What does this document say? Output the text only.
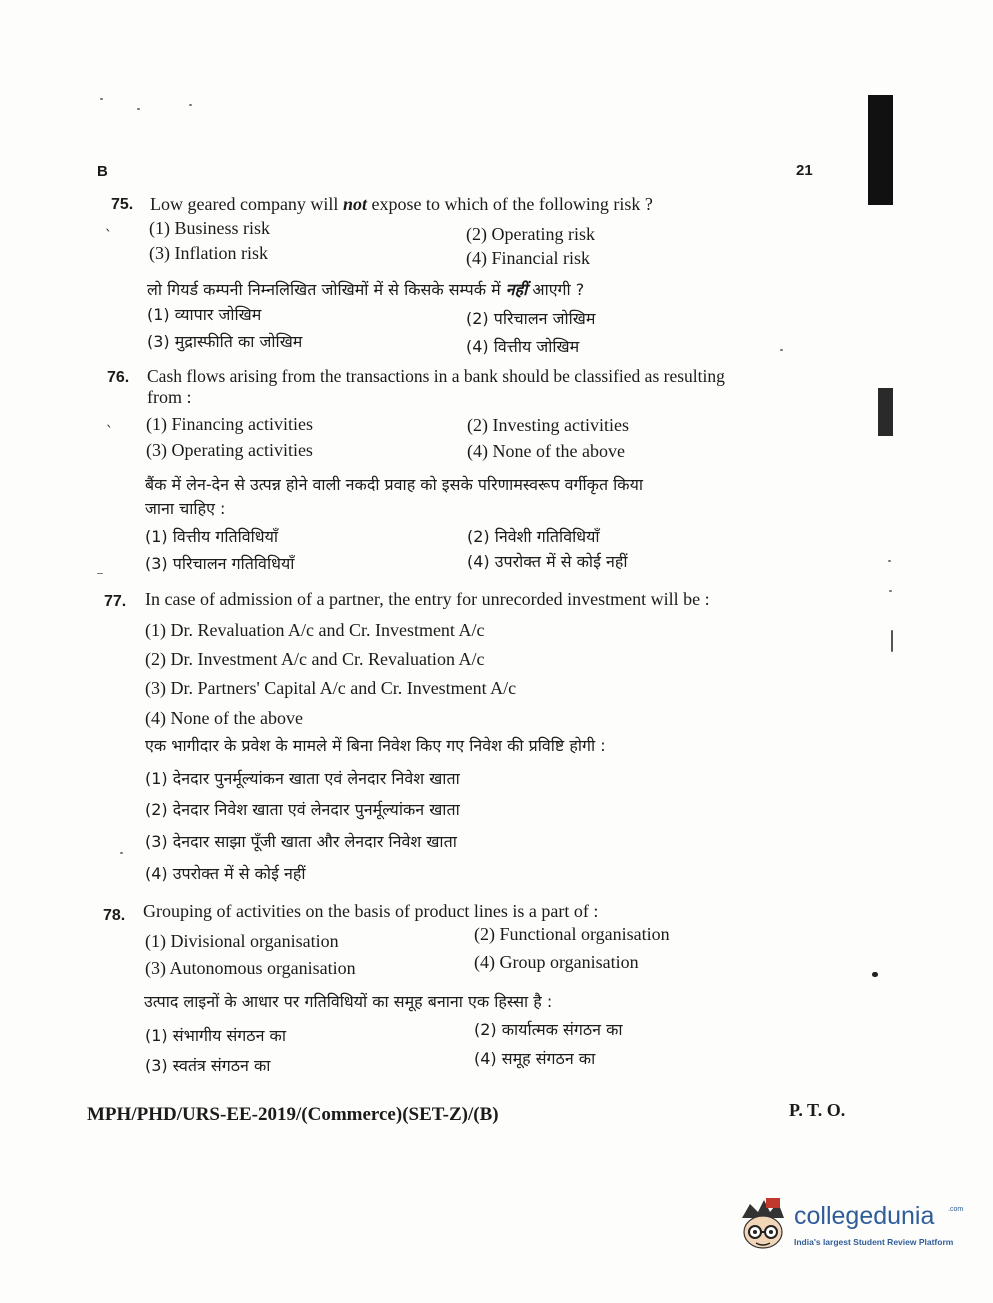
B	21
75. Low geared company will not expose to which of the following risk ?
՝ (1) Business risk	(2) Operating risk
(3) Inflation risk	(4) Financial risk
लो गियर्ड कम्पनी निम्नलिखित जोखिमों में से किसके सम्पर्क में नहीं आएगी ?
(1) व्यापार जोखिम	(2) परिचालन जोखिम
(3) मुद्रास्फीति का जोखिम	(4) वित्तीय जोखिम
76. Cash flows arising from the transactions in a bank should be classified as resulting
from :
՝ (1) Financing activities	(2) Investing activities
(3) Operating activities	(4) None of the above
बैंक में लेन-देन से उत्पन्न होने वाली नकदी प्रवाह को इसके परिणामस्वरूप वर्गीकृत किया
जाना चाहिए :
(1) वित्तीय गतिविधियाँ	(2) निवेशी गतिविधियाँ
(3) परिचालन गतिविधियाँ	(4) उपरोक्त में से कोई नहीं
77. In case of admission of a partner, the entry for unrecorded investment will be :
(1) Dr. Revaluation A/c and Cr. Investment A/c
(2) Dr. Investment A/c and Cr. Revaluation A/c
(3) Dr. Partners' Capital A/c and Cr. Investment A/c
(4) None of the above
एक भागीदार के प्रवेश के मामले में बिना निवेश किए गए निवेश की प्रविष्टि होगी :
(1) देनदार पुनर्मूल्यांकन खाता एवं लेनदार निवेश खाता
(2) देनदार निवेश खाता एवं लेनदार पुनर्मूल्यांकन खाता
(3) देनदार साझा पूँजी खाता और लेनदार निवेश खाता
(4) उपरोक्त में से कोई नहीं
78. Grouping of activities on the basis of product lines is a part of :
(1) Divisional organisation	(2) Functional organisation
(3) Autonomous organisation	(4) Group organisation
उत्पाद लाइनों के आधार पर गतिविधियों का समूह बनाना एक हिस्सा है :
(1) संभागीय संगठन का	(2) कार्यात्मक संगठन का
(3) स्वतंत्र संगठन का	(4) समूह संगठन का
MPH/PHD/URS-EE-2019/(Commerce)(SET-Z)/(B)	P. T. O.
collegedunia .com
India's largest Student Review Platform
